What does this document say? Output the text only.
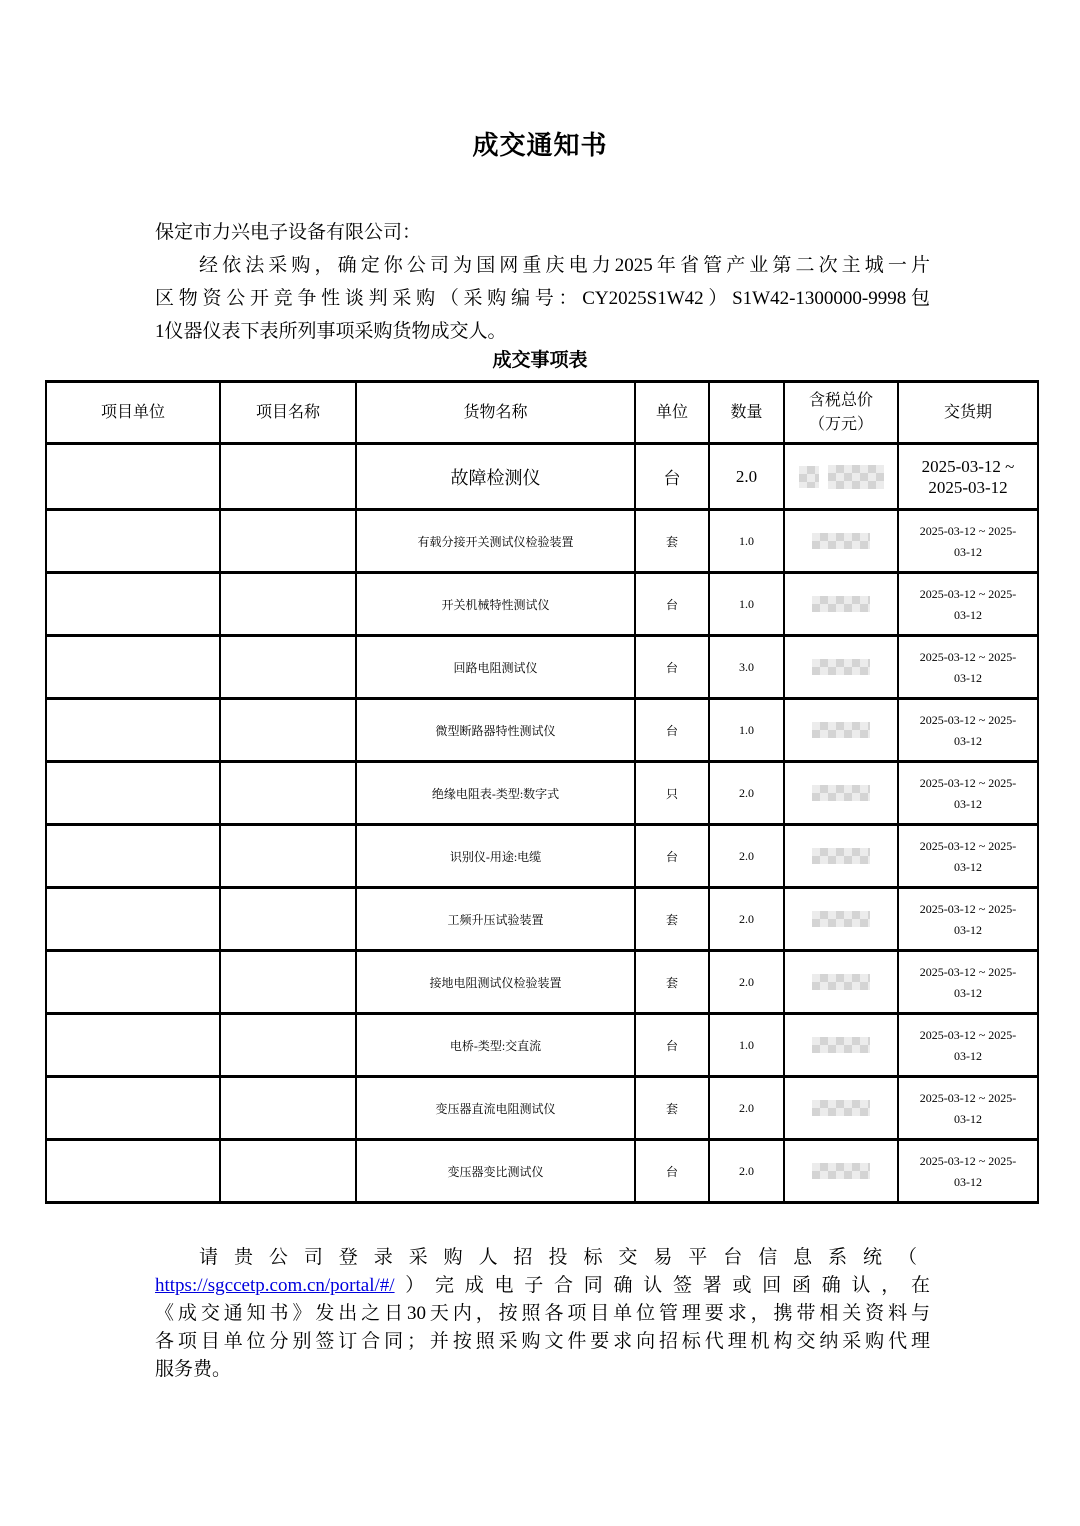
成交通知书
保定市力兴电子设备有限公司：
经依法采购，确定你公司为国网重庆电力2025年省管产业第二次主城一片
区物资公开竞争性谈判采购（采购编号：CY2025S1W42）S1W42-1300000-9998包
1仪器仪表下表所列事项采购货物成交人。
成交事项表
项目单位	项目名称	货物名称	单位	数量	含税总价
（万元）	交货期
		故障检测仪	台	2.0		2025-03-12 ~
2025-03-12

		有载分接开关测试仪检验装置	套	1.0		2025-03-12 ~ 2025-
03-12

		开关机械特性测试仪	台	1.0		2025-03-12 ~ 2025-
03-12

		回路电阻测试仪	台	3.0		2025-03-12 ~ 2025-
03-12

		微型断路器特性测试仪	台	1.0		2025-03-12 ~ 2025-
03-12

		绝缘电阻表-类型:数字式	只	2.0		2025-03-12 ~ 2025-
03-12

		识别仪-用途:电缆	台	2.0		2025-03-12 ~ 2025-
03-12

		工频升压试验装置	套	2.0		2025-03-12 ~ 2025-
03-12

		接地电阻测试仪检验装置	套	2.0		2025-03-12 ~ 2025-
03-12

		电桥-类型:交直流	台	1.0		2025-03-12 ~ 2025-
03-12

		变压器直流电阻测试仪	套	2.0		2025-03-12 ~ 2025-
03-12

		变压器变比测试仪	台	2.0		2025-03-12 ~ 2025-
03-12
请贵公司登录采购人招投标交易平台信息系统（
https://sgccetp.com.cn/portal/#/）完成电子合同确认签署或回函确认，在
《成交通知书》发出之日30天内，按照各项目单位管理要求，携带相关资料与
各项目单位分别签订合同；并按照采购文件要求向招标代理机构交纳采购代理
服务费。
